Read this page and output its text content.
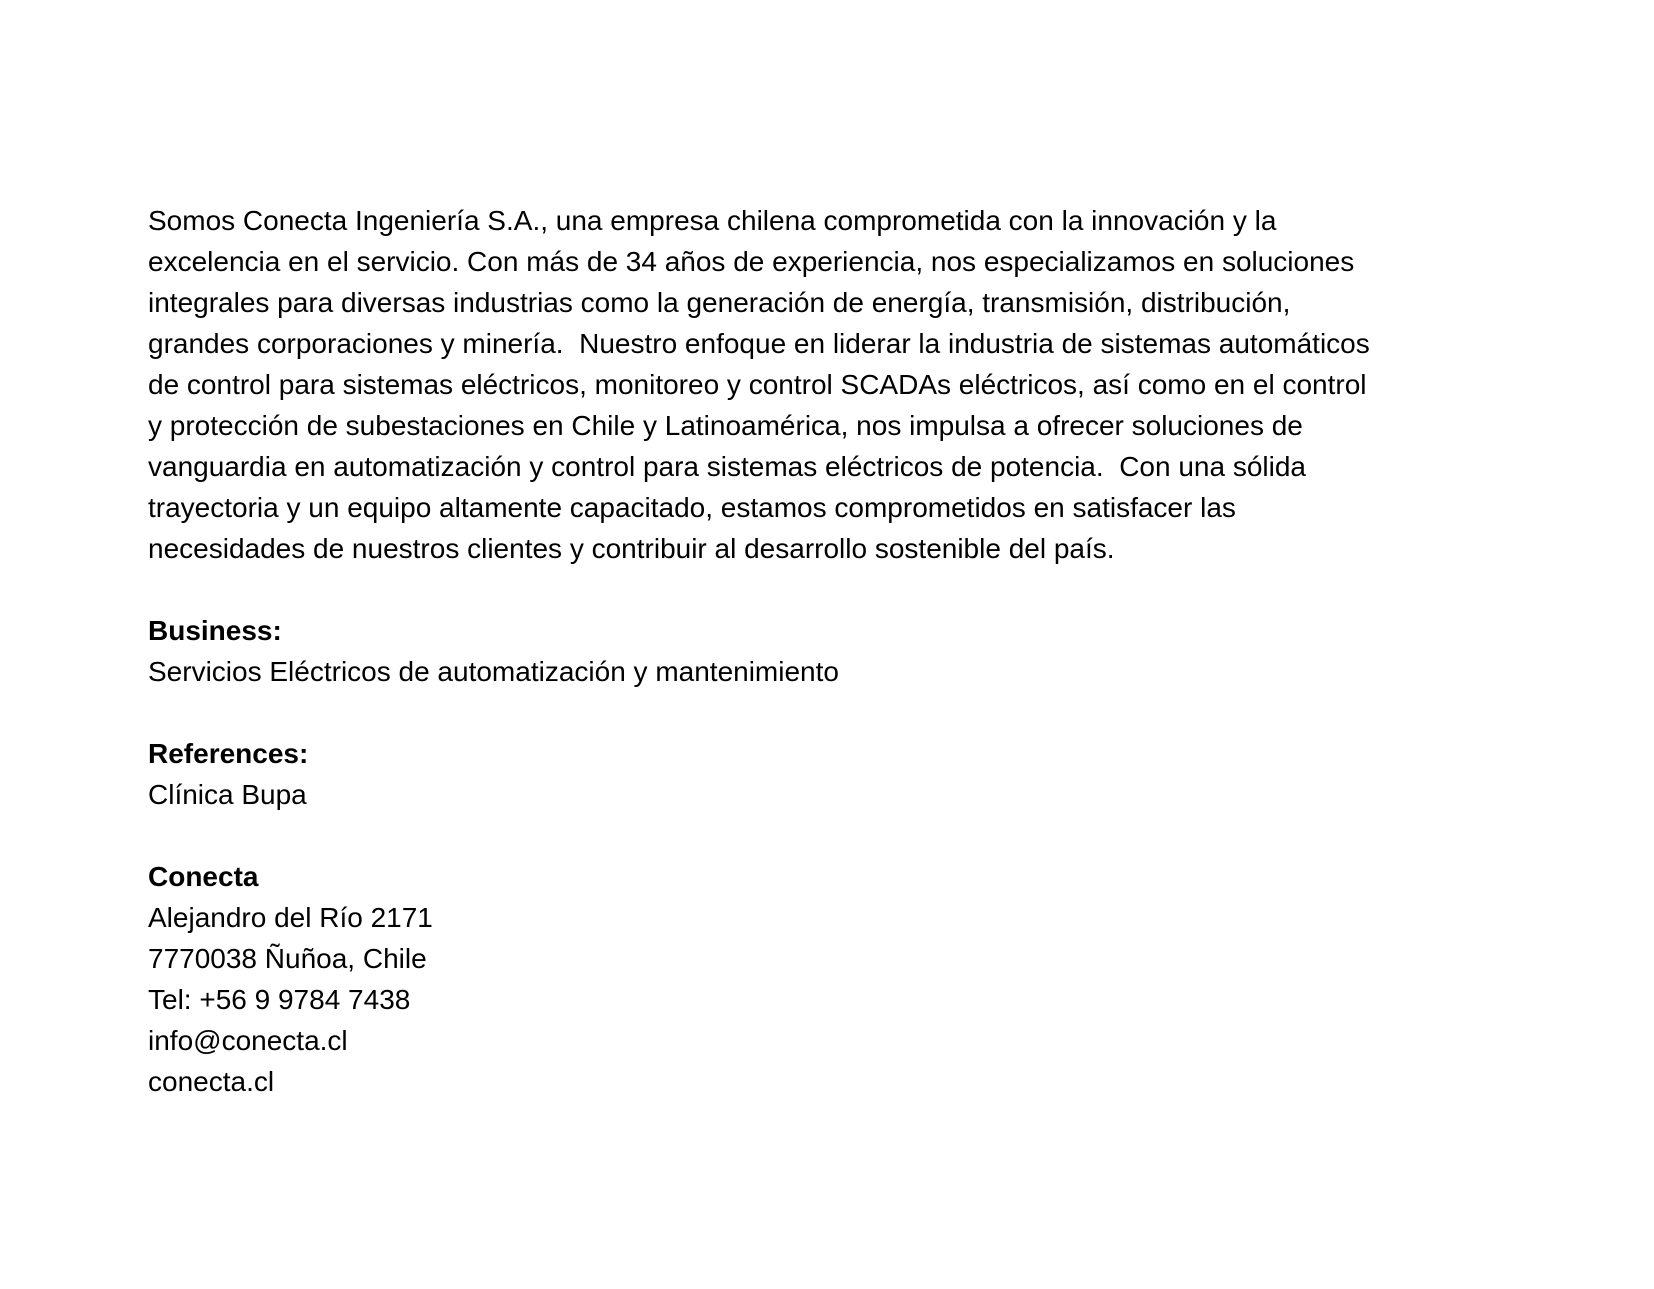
Somos Conecta Ingeniería S.A., una empresa chilena comprometida con la innovación y la
excelencia en el servicio. Con más de 34 años de experiencia, nos especializamos en soluciones
integrales para diversas industrias como la generación de energía, transmisión, distribución,
grandes corporaciones y minería.  Nuestro enfoque en liderar la industria de sistemas automáticos
de control para sistemas eléctricos, monitoreo y control SCADAs eléctricos, así como en el control
y protección de subestaciones en Chile y Latinoamérica, nos impulsa a ofrecer soluciones de
vanguardia en automatización y control para sistemas eléctricos de potencia.  Con una sólida
trayectoria y un equipo altamente capacitado, estamos comprometidos en satisfacer las
necesidades de nuestros clientes y contribuir al desarrollo sostenible del país.
Business:
Servicios Eléctricos de automatización y mantenimiento
References:
Clínica Bupa
Conecta
Alejandro del Río 2171
7770038 Ñuñoa, Chile
Tel: +56 9 9784 7438
info@conecta.cl
conecta.cl
